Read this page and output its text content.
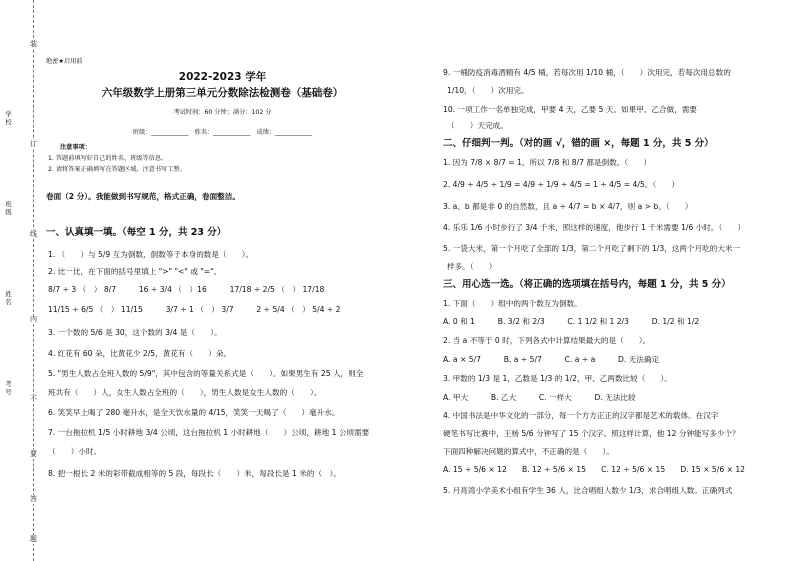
装
订
线
内
不
要
答
题
学校
班级
姓名
考号
绝密★启用前
2022-2023 学年
六年级数学上册第三单元分数除法检测卷（基础卷）
考试时间：60 分钟；满分：102 分
班级：____________　姓名：____________　成绩：____________
注意事项：
1. 答题前填写好自己的姓名、班级等信息。
2. 请将答案正确填写在答题区域，注意书写工整。
卷面（2 分）。我能做到书写规范，格式正确，卷面整洁。
一、认真填一填。（每空 1 分，共 23 分）
1. （　　）与 5/9 互为倒数，倒数等于本身的数是（　　）。
2. 比一比，在下面的括号里填上 ">" "<" 或 "="。
8/7 ÷ 3 （　） 8/7　　　16 ÷ 3/4 （　）16　　　17/18 ÷ 2/5 （　） 17/18
11/15 ÷ 6/5 （　） 11/15　　　3/7 ÷ 1 （　） 3/7　　　2 ÷ 5/4 （　） 5/4 ÷ 2
3. 一个数的 5/6 是 30，这个数的 3/4 是（　　）。
4. 红花有 60 朵，比黄花少 2/5，黄花有（　　）朵。
5. "男生人数占全班人数的 5/9"，其中包含的等量关系式是（　　）。如果男生有 25 人，则全
班共有（　　）人，女生人数占全班的（　　），男生人数是女生人数的（　　）。
6. 笑笑早上喝了 280 毫升水，是全天饮水量的 4/15，笑笑一天喝了（　　）毫升水。
7. 一台拖拉机 1/5 小时耕地 3/4 公顷，这台拖拉机 1 小时耕地（　　）公顷，耕地 1 公顷需要
（　　）小时。
8. 把一根长 2 米的彩带截成相等的 5 段，每段长（　　）米，每段长是 1 米的（　）。
9. 一桶防疫消毒酒精有 4/5 桶，若每次用 1/10 桶，（　　）次用完，若每次用总数的
1/10，（　　）次用完。
10. 一项工作一名单独完成，甲要 4 天，乙要 5 天。如果甲、乙合做，需要
（　　）天完成。
二、仔细判一判。（对的画 √，错的画 ×，每题 1 分，共 5 分）
1. 因为 7/8 × 8/7 = 1，所以 7/8 和 8/7 都是倒数。（　　）
2. 4/9 ÷ 4/5 ÷ 1/9 = 4/9 ÷ 1/9 ÷ 4/5 = 1 ÷ 4/5 = 4/5。（　　）
3. a、b 都是非 0 的自然数，且 a ÷ 4/7 = b × 4/7，则 a > b。（　　）
4. 乐乐 1/6 小时步行了 3/4 千米，照这样的速度，他步行 1 千米需要 1/6 小时。（　　）
5. 一袋大米，第一个月吃了全部的 1/3，第二个月吃了剩下的 1/3，这两个月吃的大米一
样多。（　　）
三、用心选一选。（将正确的选项填在括号内，每题 1 分，共 5 分）
1. 下面（　　）组中的两个数互为倒数。
A. 0 和 1　　　B. 3/2 和 2/3　　　C. 1 1/2 和 1 2/3　　　D. 1/2 和 1/2
2. 当 a 不等于 0 时，下列各式中计算结果最大的是（　　）。
A. a × 5/7　　　B. a ÷ 5/7　　　C. a ÷ a　　　D. 无法确定
3. 甲数的 1/3 是 1，乙数是 1/3 的 1/2，甲、乙两数比较（　　）。
A. 甲大　　　B. 乙大　　　C. 一样大　　　D. 无法比较
4. 中国书法是中华文化的一部分，每一个方方正正的汉字都是艺术的载体。在汉字
硬笔书写比赛中，王杨 5/6 分钟写了 15 个汉字。照这样计算，他 12 分钟能写多少个？
下面四种解决问题的算式中，不正确的是（　　）。
A. 15 ÷ 5/6 × 12　　B. 12 ÷ 5/6 × 15　　C. 12 ÷ 5/6 × 15　　D. 15 × 5/6 × 12
5. 月亮湾小学美术小组有学生 36 人，比合唱组人数少 1/3，求合唱组人数。正确列式
